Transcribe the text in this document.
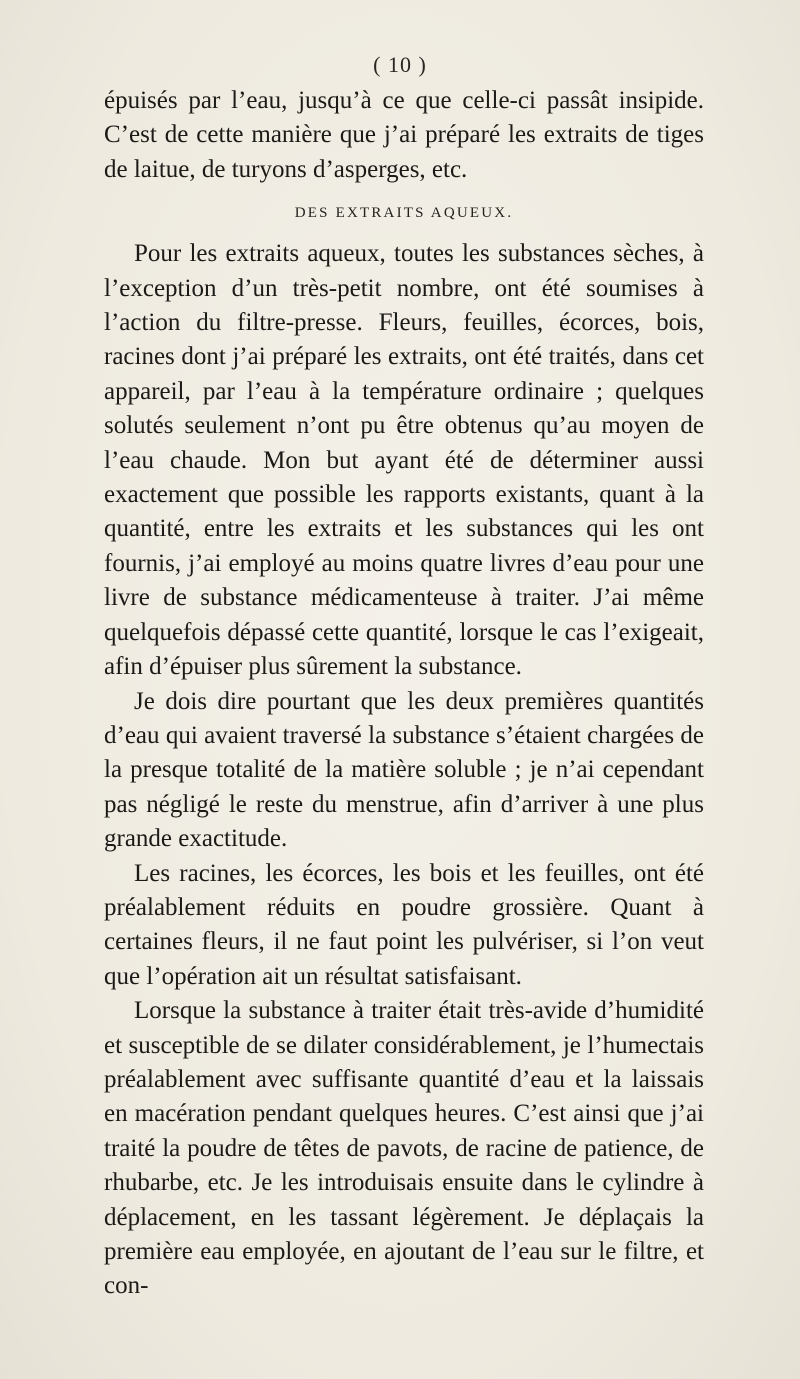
( 10 )

épuisés par l’eau, jusqu’à ce que celle-ci passât insipide. C’est de cette manière que j’ai préparé les extraits de tiges de laitue, de turyons d’asperges, etc.

DES EXTRAITS AQUEUX.

Pour les extraits aqueux, toutes les substances sèches, à l’exception d’un très-petit nombre, ont été soumises à l’action du filtre-presse. Fleurs, feuilles, écorces, bois, racines dont j’ai préparé les extraits, ont été traités, dans cet appareil, par l’eau à la température ordinaire ; quelques solutés seulement n’ont pu être obtenus qu’au moyen de l’eau chaude. Mon but ayant été de déterminer aussi exactement que possible les rapports existants, quant à la quantité, entre les extraits et les substances qui les ont fournis, j’ai employé au moins quatre livres d’eau pour une livre de substance médicamenteuse à traiter. J’ai même quelquefois dépassé cette quantité, lorsque le cas l’exigeait, afin d’épuiser plus sûrement la substance.

Je dois dire pourtant que les deux premières quantités d’eau qui avaient traversé la substance s’étaient chargées de la presque totalité de la matière soluble ; je n’ai cependant pas négligé le reste du menstrue, afin d’arriver à une plus grande exactitude.

Les racines, les écorces, les bois et les feuilles, ont été préalablement réduits en poudre grossière. Quant à certaines fleurs, il ne faut point les pulvériser, si l’on veut que l’opération ait un résultat satisfaisant.

Lorsque la substance à traiter était très-avide d’humidité et susceptible de se dilater considérablement, je l’humectais préalablement avec suffisante quantité d’eau et la laissais en macération pendant quelques heures. C’est ainsi que j’ai traité la poudre de têtes de pavots, de racine de patience, de rhubarbe, etc. Je les introduisais ensuite dans le cylindre à déplacement, en les tassant légèrement. Je déplaçais la première eau employée, en ajoutant de l’eau sur le filtre, et con-
